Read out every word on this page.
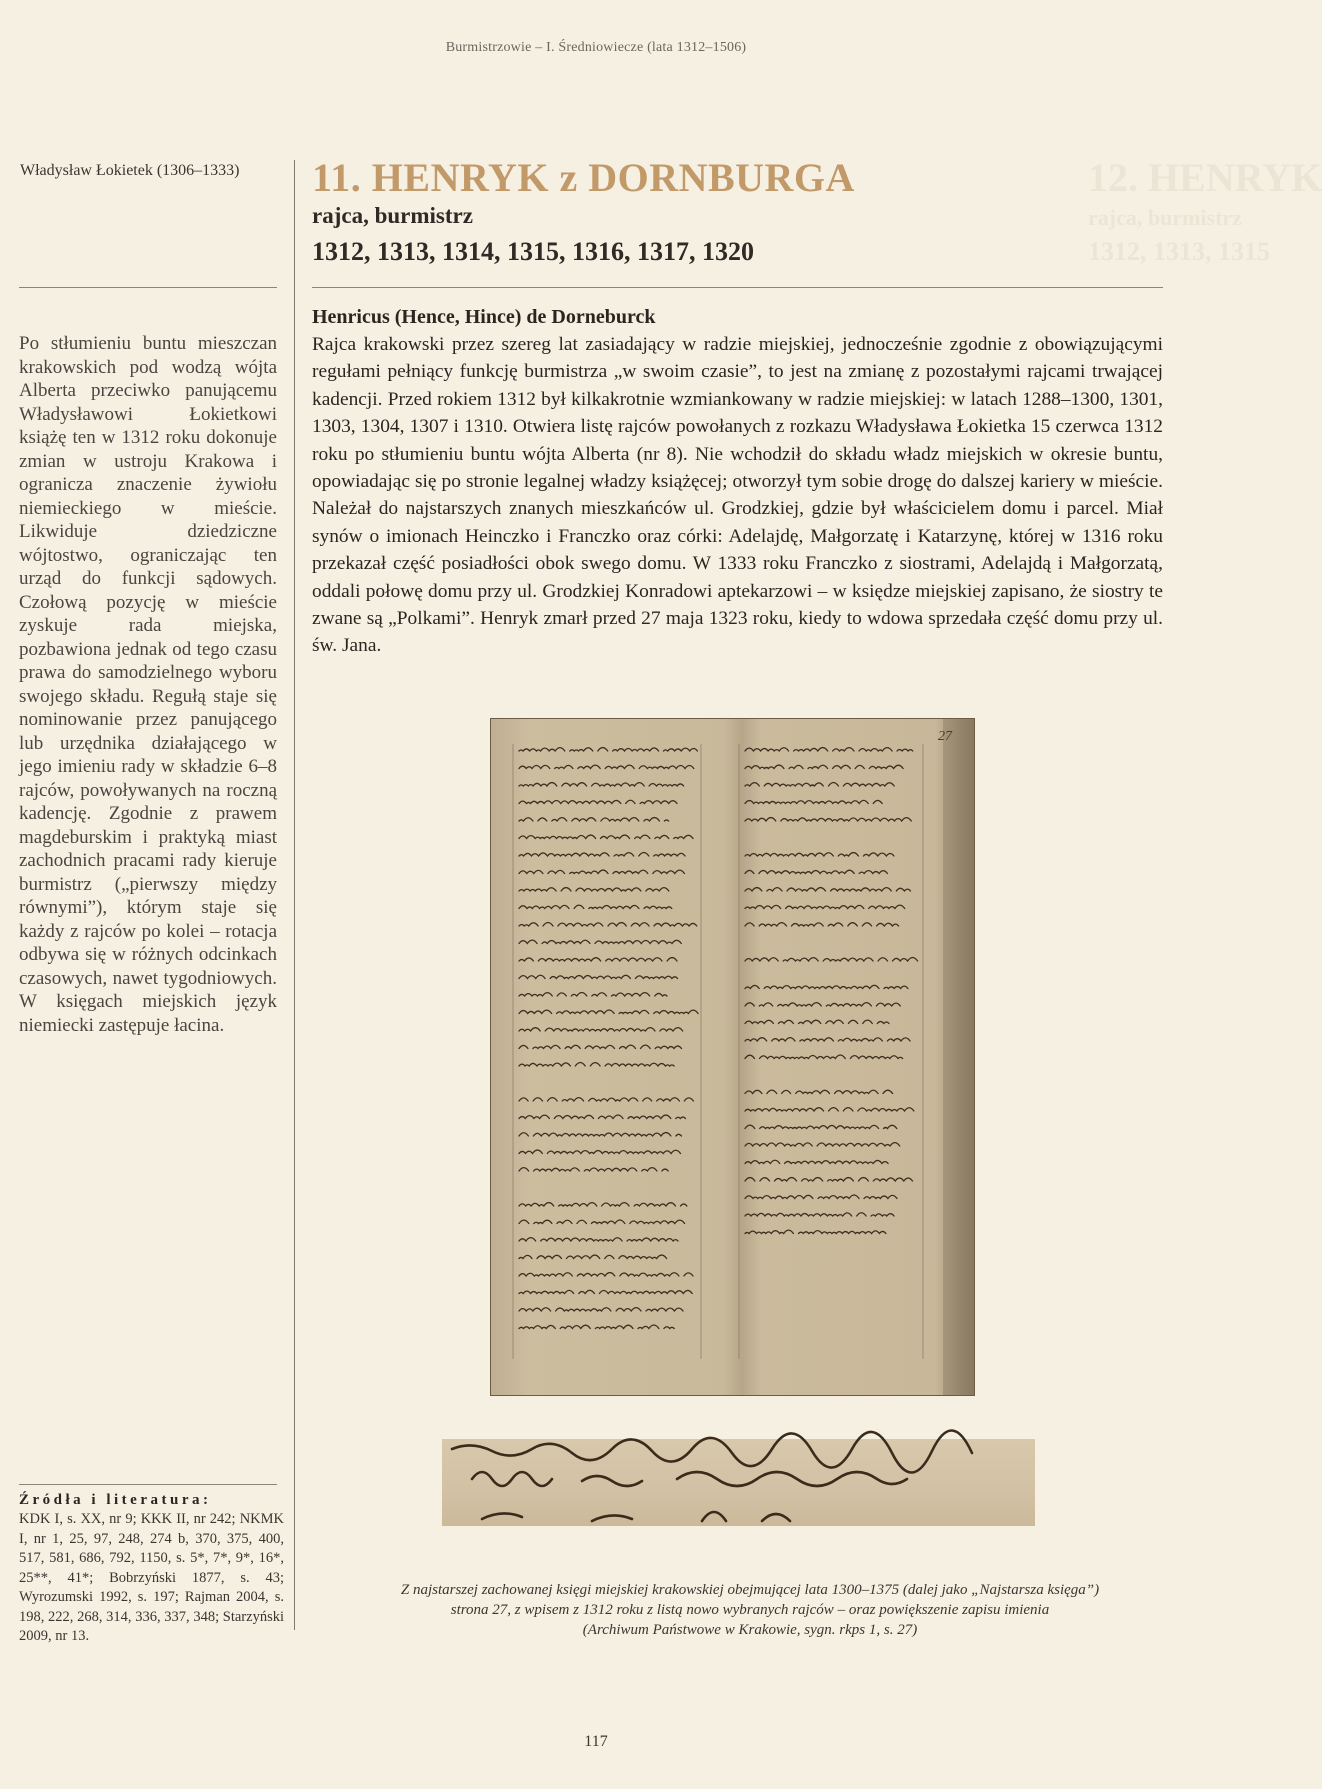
Burmistrzowie – I. Średniowiecze (lata 1312–1506)
Władysław Łokietek (1306–1333)	11. HENRYK z DORNBURGA	12. HENRYK
rajca, burmistrz
1312, 1313, 1315
rajca, burmistrz
1312, 1313, 1314, 1315, 1316, 1317, 1320
Po stłumieniu buntu mieszczan krakowskich pod wodzą wójta Alberta przeciwko panującemu Władysławowi Łokietkowi książę ten w 1312 roku dokonuje zmian w ustroju Krakowa i ogranicza znaczenie żywiołu niemieckiego w mieście. Likwiduje dziedziczne wójtostwo, ograniczając ten urząd do funkcji sądowych. Czołową pozycję w mieście zyskuje rada miejska, pozbawiona jednak od tego czasu prawa do samodzielnego wyboru swojego składu. Regułą staje się nominowanie przez panującego lub urzędnika działającego w jego imieniu rady w składzie 6–8 rajców, powoływanych na roczną kadencję. Zgodnie z prawem magdeburskim i praktyką miast zachodnich pracami rady kieruje burmistrz („pierwszy między równymi”), którym staje się każdy z rajców po kolei – rotacja odbywa się w różnych odcinkach czasowych, nawet tygodniowych. W księgach miejskich język niemiecki zastępuje łacina.
Henricus (Hence, Hince) de Dorneburck
Rajca krakowski przez szereg lat zasiadający w radzie miejskiej, jednocześnie zgodnie z obowiązującymi regułami pełniący funkcję burmistrza „w swoim czasie”, to jest na zmianę z pozostałymi rajcami trwającej kadencji. Przed rokiem 1312 był kilkakrotnie wzmiankowany w radzie miejskiej: w latach 1288–1300, 1301, 1303, 1304, 1307 i 1310. Otwiera listę rajców powołanych z rozkazu Władysława Łokietka 15 czerwca 1312 roku po stłumieniu buntu wójta Alberta (nr 8). Nie wchodził do składu władz miejskich w okresie buntu, opowiadając się po stronie legalnej władzy książęcej; otworzył tym sobie drogę do dalszej kariery w mieście. Należał do najstarszych znanych mieszkańców ul. Grodzkiej, gdzie był właścicielem domu i parcel. Miał synów o imionach Heinczko i Franczko oraz córki: Adelajdę, Małgorzatę i Katarzynę, której w 1316 roku przekazał część posiadłości obok swego domu. W 1333 roku Franczko z siostrami, Adelajdą i Małgorzatą, oddali połowę domu przy ul. Grodzkiej Konradowi aptekarzowi – w księdze miejskiej zapisano, że siostry te zwane są „Polkami”. Henryk zmarł przed 27 maja 1323 roku, kiedy to wdowa sprzedała część domu przy ul. św. Jana.
27
Z najstarszej zachowanej księgi miejskiej krakowskiej obejmującej lata 1300–1375 (dalej jako „Najstarsza księga”)
strona 27, z wpisem z 1312 roku z listą nowo wybranych rajców – oraz powiększenie zapisu imienia
(Archiwum Państwowe w Krakowie, sygn. rkps 1, s. 27)
Źródła i literatura:
KDK I, s. XX, nr 9; KKK II, nr 242; NKMK I, nr 1, 25, 97, 248, 274 b, 370, 375, 400, 517, 581, 686, 792, 1150, s. 5*, 7*, 9*, 16*, 25**, 41*; Bobrzyński 1877, s. 43; Wyrozumski 1992, s. 197; Rajman 2004, s. 198, 222, 268, 314, 336, 337, 348; Starzyński 2009, nr 13.
117
